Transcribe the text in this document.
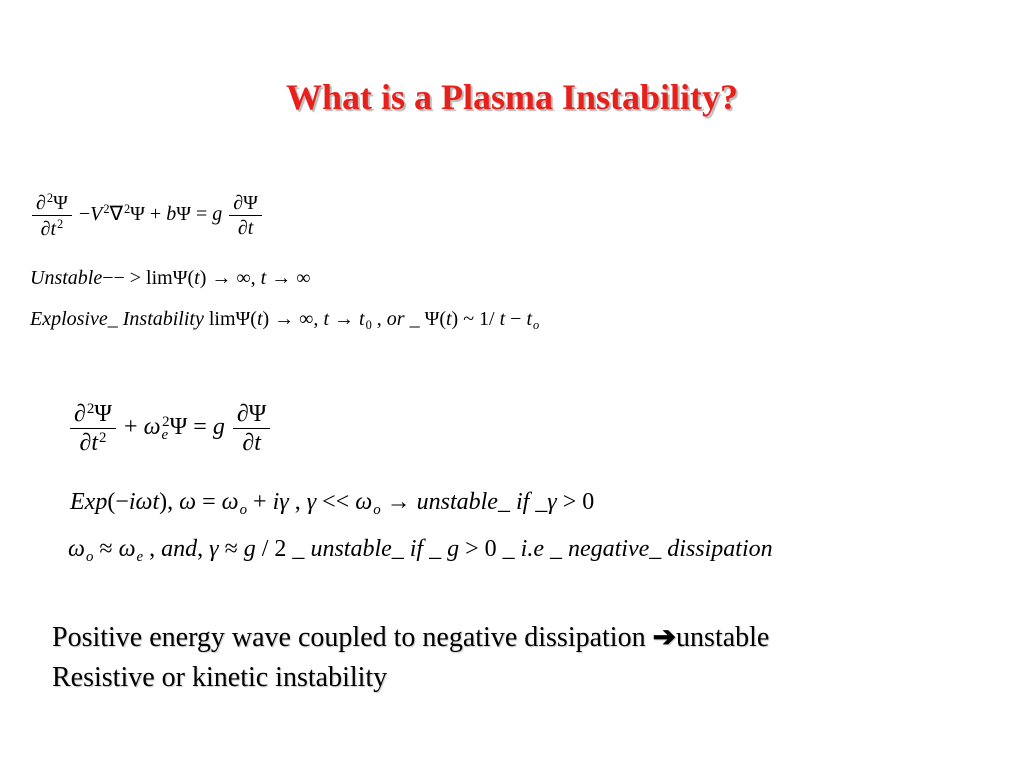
What is a Plasma Instability?
$\frac{\partial^2\Psi}{\partial t^2} -V^2\nabla^2\Psi + b\Psi = g \frac{\partial\Psi}{\partial t}$
Unstable−− > limΨ(t) → ∞, t → ∞
Explosive_ Instability limΨ(t) → ∞, $t \to t_0$ , or _ Ψ(t) ~ 1/ $t - t_o$
$\frac{\partial^2\Psi}{\partial t^2} + \omega_e^2\Psi = g \frac{\partial\Psi}{\partial t}$
Exp(−iωt), $\omega = \omega_o + i\gamma$ , $\gamma << \omega_o$ → unstable_ if _γ > 0
$\omega_o \approx \omega_e$ , and, γ ≈ g / 2 _ unstable_ if _ g > 0 _ i.e _ negative_ dissipation
Positive energy wave coupled to negative dissipation ➔unstable
Resistive or kinetic instability
